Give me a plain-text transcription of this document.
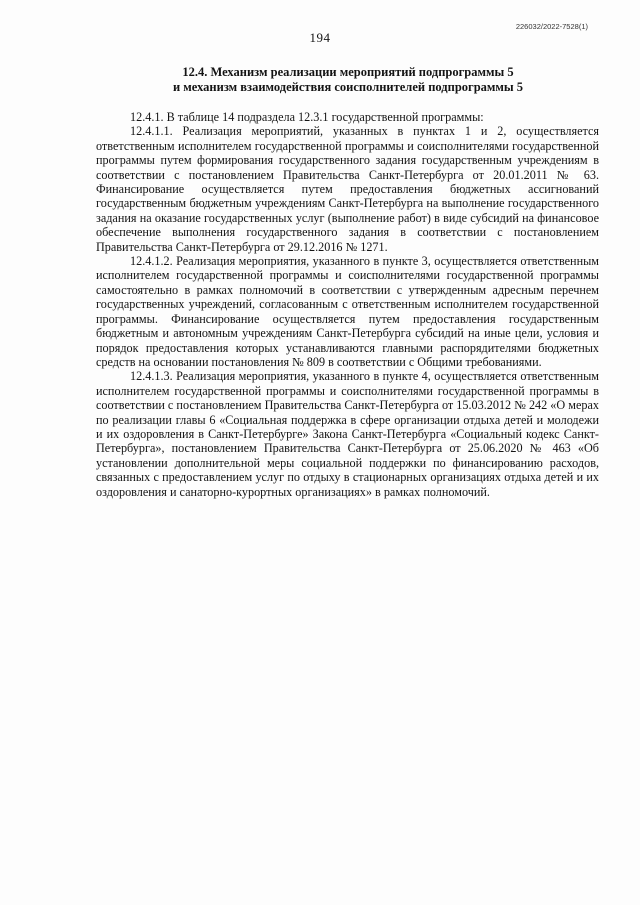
226032/2022-7528(1)
194
12.4. Механизм реализации мероприятий подпрограммы 5
и механизм взаимодействия соисполнителей подпрограммы 5

12.4.1. В таблице 14 подраздела 12.3.1 государственной программы:

12.4.1.1. Реализация мероприятий, указанных в пунктах 1 и 2, осуществляется ответственным исполнителем государственной программы и соисполнителями государственной программы путем формирования государственного задания государственным учреждениям в соответствии с постановлением Правительства Санкт-Петербурга от 20.01.2011 № 63. Финансирование осуществляется путем предоставления бюджетных ассигнований государственным бюджетным учреждениям Санкт-Петербурга на выполнение государственного задания на оказание государственных услуг (выполнение работ) в виде субсидий на финансовое обеспечение выполнения государственного задания в соответствии с постановлением Правительства Санкт-Петербурга от 29.12.2016 № 1271.

12.4.1.2. Реализация мероприятия, указанного в пункте 3, осуществляется ответственным исполнителем государственной программы и соисполнителями государственной программы самостоятельно в рамках полномочий в соответствии с утвержденным адресным перечнем государственных учреждений, согласованным с ответственным исполнителем государственной программы. Финансирование осуществляется путем предоставления государственным бюджетным и автономным учреждениям Санкт-Петербурга субсидий на иные цели, условия и порядок предоставления которых устанавливаются главными распорядителями бюджетных средств на основании постановления № 809 в соответствии с Общими требованиями.

12.4.1.3. Реализация мероприятия, указанного в пункте 4, осуществляется ответственным исполнителем государственной программы и соисполнителями государственной программы в соответствии с постановлением Правительства Санкт-Петербурга от 15.03.2012 № 242 «О мерах по реализации главы 6 «Социальная поддержка в сфере организации отдыха детей и молодежи и их оздоровления в Санкт-Петербурге» Закона Санкт-Петербурга «Социальный кодекс Санкт-Петербурга», постановлением Правительства Санкт-Петербурга от 25.06.2020 № 463 «Об установлении дополнительной меры социальной поддержки по финансированию расходов, связанных с предоставлением услуг по отдыху в стационарных организациях отдыха детей и их оздоровления и санаторно-курортных организациях» в рамках полномочий.
